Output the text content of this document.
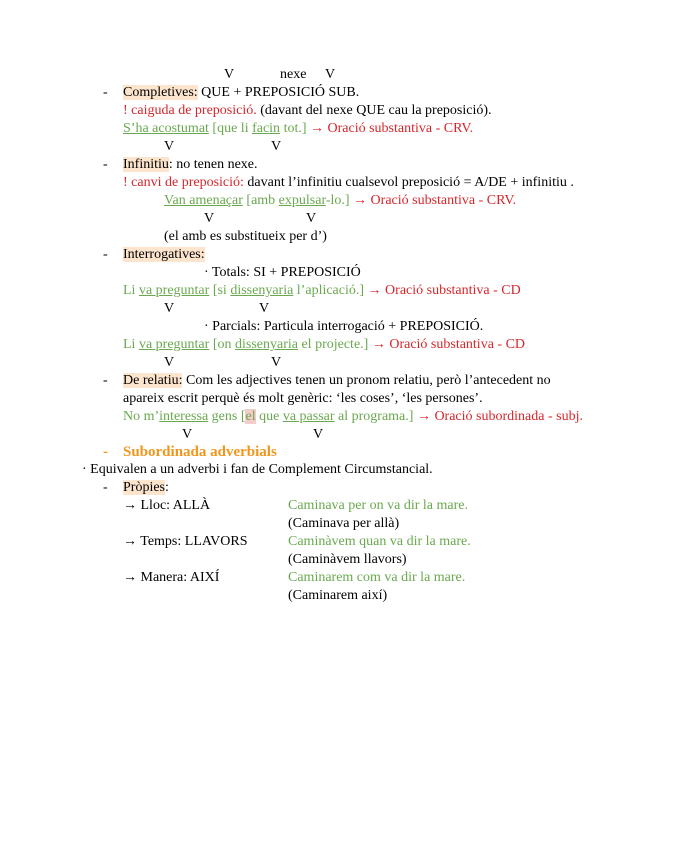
V	nexe V
- Completives: QUE + PREPOSICIÓ SUB.
! caiguda de preposició. (davant del nexe QUE cau la preposició).
S’ha acostumat [que li facin tot.] → Oració substantiva - CRV.
V	V
- Infinitiu: no tenen nexe.
! canvi de preposició: davant l’infinitiu cualsevol preposició = A/DE + infinitiu .
Van amenaçar [amb expulsar-lo.] → Oració substantiva - CRV.
V	V
(el amb es substitueix per d’)
- Interrogatives:
· Totals: SI + PREPOSICIÓ
Li va preguntar [si dissenyaria l’aplicació.] → Oració substantiva - CD
V	V
· Parcials: Particula interrogació + PREPOSICIÓ.
Li va preguntar [on dissenyaria el projecte.] → Oració substantiva - CD
V	V
- De relatiu: Com les adjectives tenen un pronom relatiu, però l’antecedent no
apareix escrit perquè és molt genèric: ‘les coses’, ‘les persones’.
No m’interessa gens [el que va passar al programa.] → Oració subordinada - subj.
V	V
- Subordinada adverbials
· Equivalen a un adverbi i fan de Complement Circumstancial.
- Pròpies:
→ Lloc: ALLÀ	Caminava per on va dir la mare.
(Caminava per allà)
→ Temps: LLAVORS	Caminàvem quan va dir la mare.
(Caminàvem llavors)
→ Manera: AIXÍ	Caminarem com va dir la mare.
(Caminarem així)
